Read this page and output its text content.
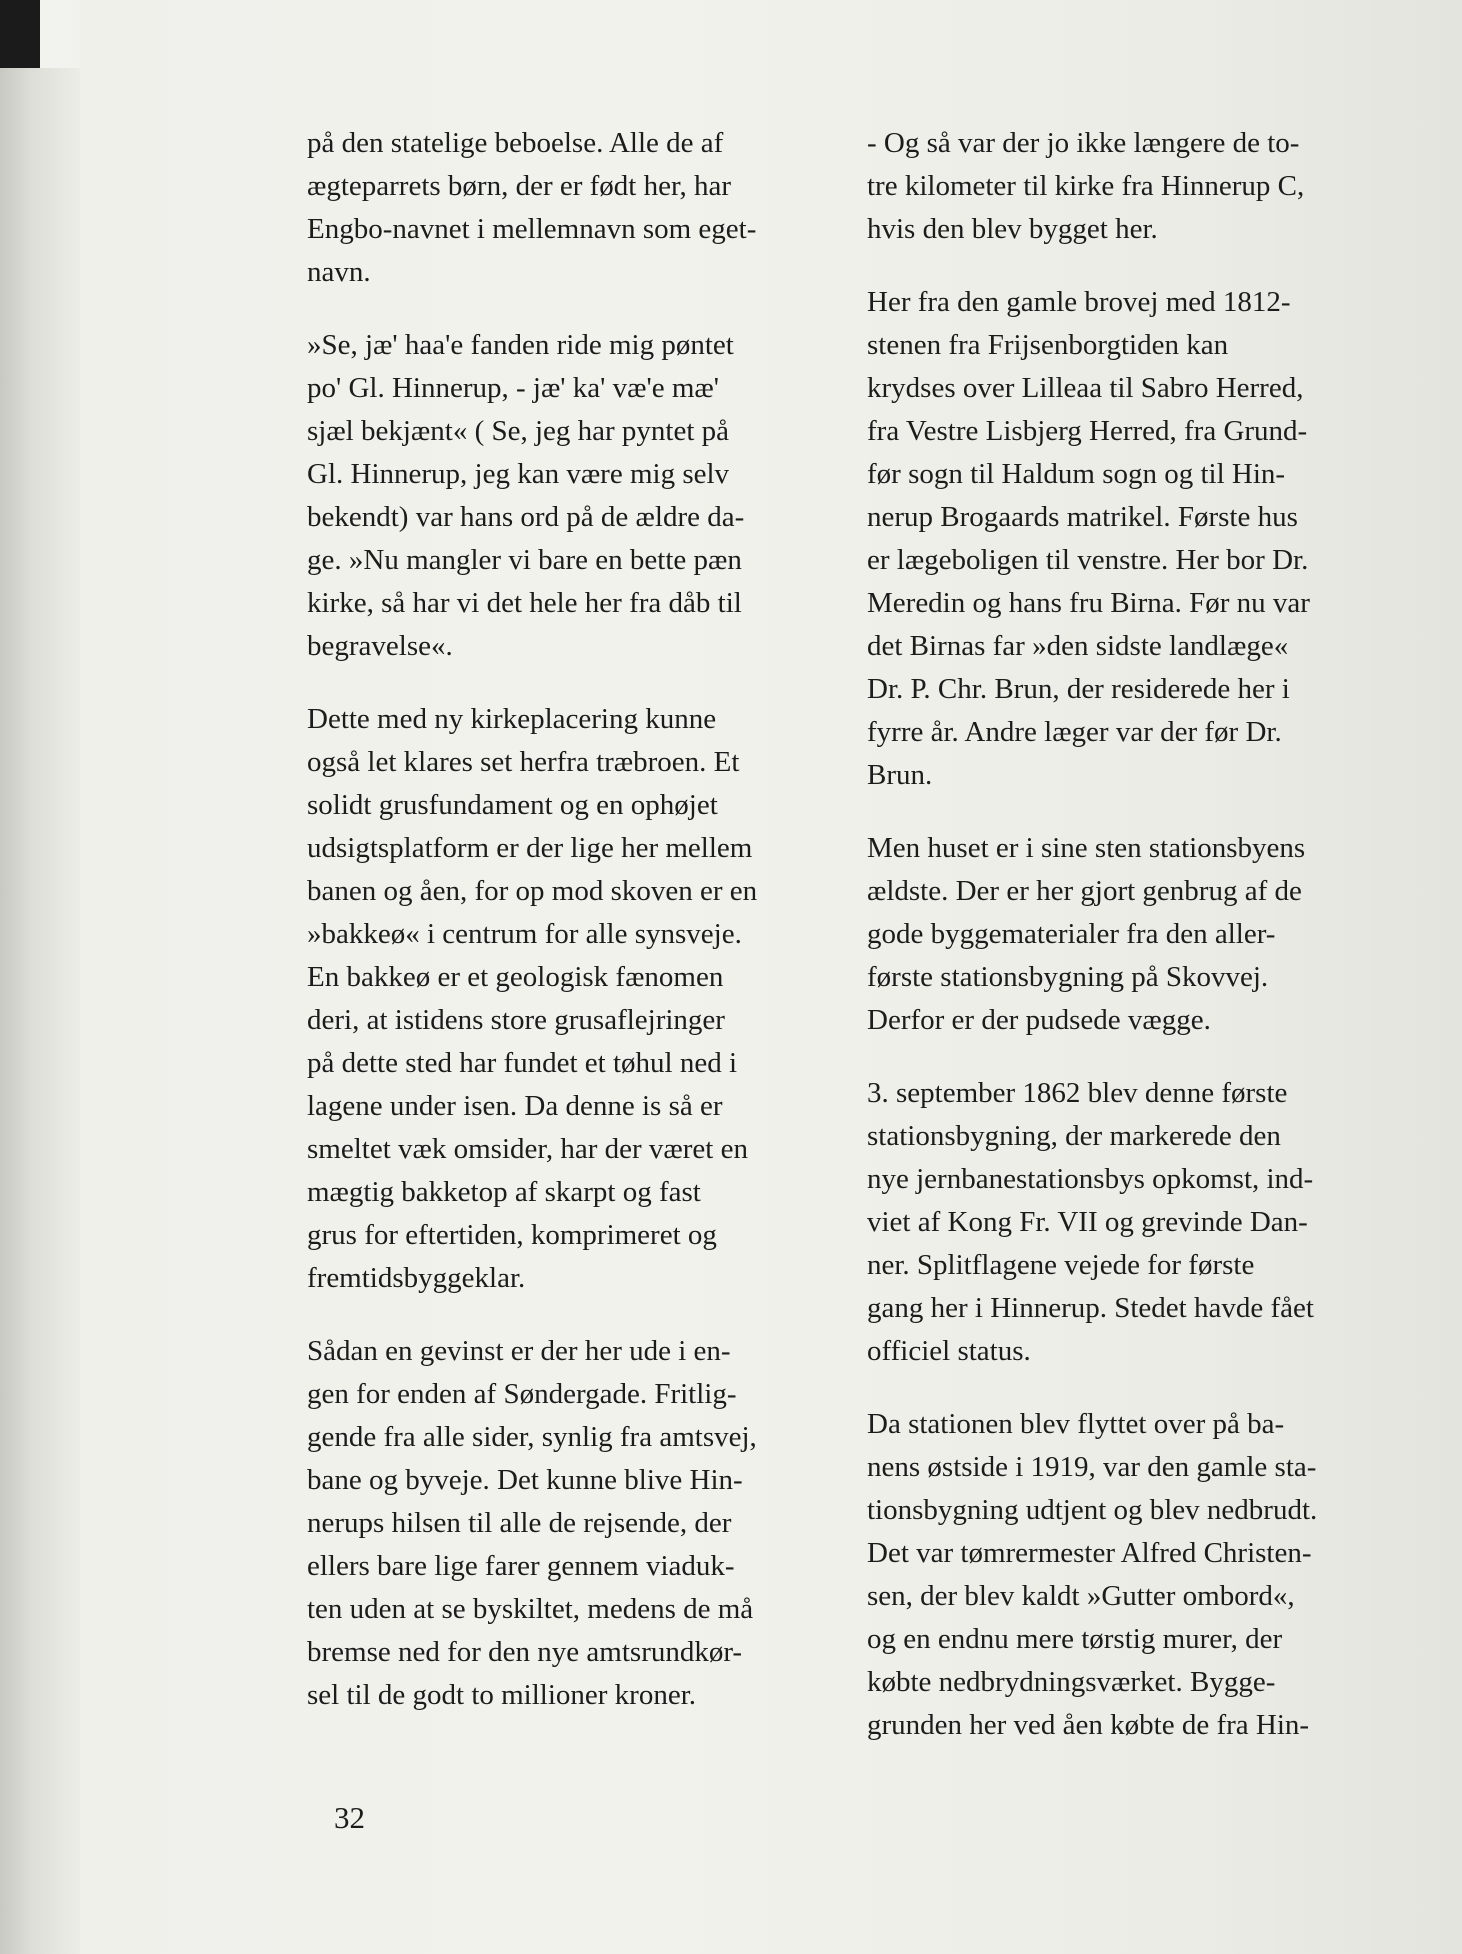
på den statelige beboelse. Alle de af
ægteparrets børn, der er født her, har
Engbo-navnet i mellemnavn som eget-
navn.
»Se, jæ' haa'e fanden ride mig pøntet
po' Gl. Hinnerup, - jæ' ka' væ'e mæ'
sjæl bekjænt« ( Se, jeg har pyntet på
Gl. Hinnerup, jeg kan være mig selv
bekendt) var hans ord på de ældre da-
ge. »Nu mangler vi bare en bette pæn
kirke, så har vi det hele her fra dåb til
begravelse«.
Dette med ny kirkeplacering kunne
også let klares set herfra træbroen. Et
solidt grusfundament og en ophøjet
udsigtsplatform er der lige her mellem
banen og åen, for op mod skoven er en
»bakkeø« i centrum for alle synsveje.
En bakkeø er et geologisk fænomen
deri, at istidens store grusaflejringer
på dette sted har fundet et tøhul ned i
lagene under isen. Da denne is så er
smeltet væk omsider, har der været en
mægtig bakketop af skarpt og fast
grus for eftertiden, komprimeret og
fremtidsbyggeklar.
Sådan en gevinst er der her ude i en-
gen for enden af Søndergade. Fritlig-
gende fra alle sider, synlig fra amtsvej,
bane og byveje. Det kunne blive Hin-
nerups hilsen til alle de rejsende, der
ellers bare lige farer gennem viaduk-
ten uden at se byskiltet, medens de må
bremse ned for den nye amtsrundkør-
sel til de godt to millioner kroner.
- Og så var der jo ikke længere de to-
tre kilometer til kirke fra Hinnerup C,
hvis den blev bygget her.
Her fra den gamle brovej med 1812-
stenen fra Frijsenborgtiden kan
krydses over Lilleaa til Sabro Herred,
fra Vestre Lisbjerg Herred, fra Grund-
før sogn til Haldum sogn og til Hin-
nerup Brogaards matrikel. Første hus
er lægeboligen til venstre. Her bor Dr.
Meredin og hans fru Birna. Før nu var
det Birnas far »den sidste landlæge«
Dr. P. Chr. Brun, der residerede her i
fyrre år. Andre læger var der før Dr.
Brun.
Men huset er i sine sten stationsbyens
ældste. Der er her gjort genbrug af de
gode byggematerialer fra den aller-
første stationsbygning på Skovvej.
Derfor er der pudsede vægge.
3. september 1862 blev denne første
stationsbygning, der markerede den
nye jernbanestationsbys opkomst, ind-
viet af Kong Fr. VII og grevinde Dan-
ner. Splitflagene vejede for første
gang her i Hinnerup. Stedet havde fået
officiel status.
Da stationen blev flyttet over på ba-
nens østside i 1919, var den gamle sta-
tionsbygning udtjent og blev nedbrudt.
Det var tømrermester Alfred Christen-
sen, der blev kaldt »Gutter ombord«,
og en endnu mere tørstig murer, der
købte nedbrydningsværket. Bygge-
grunden her ved åen købte de fra Hin-
32
